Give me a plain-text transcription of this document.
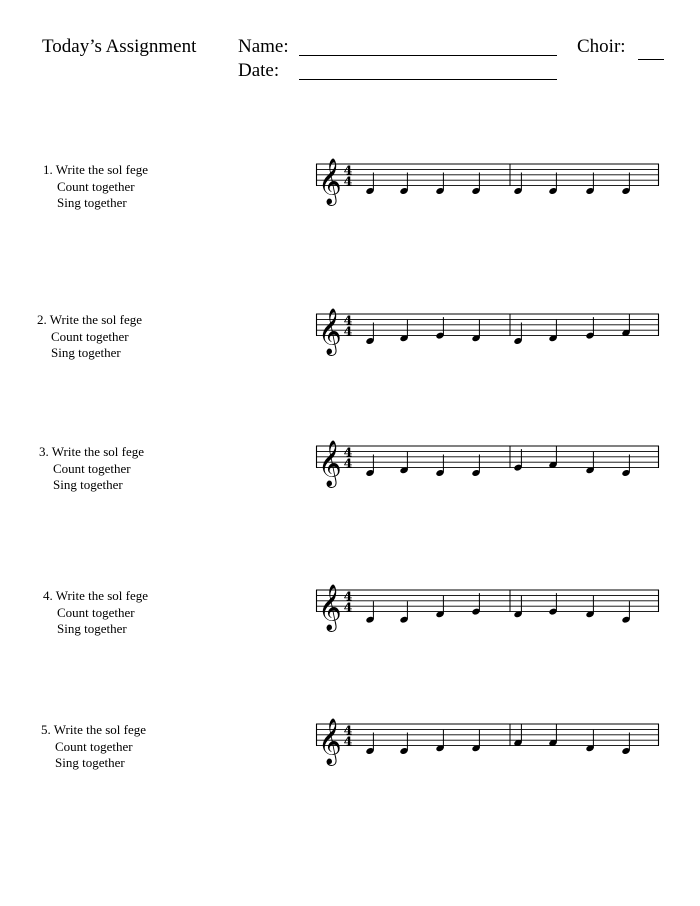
Today’s Assignment Name:
Date:
Choir:
1. Write the sol fege
Count together
Sing together	𝄞 4
4
2. Write the sol fege
Count together
Sing together	𝄞 4
4
3. Write the sol fege
Count together
Sing together	𝄞 4
4
4. Write the sol fege
Count together
Sing together	𝄞 4
4
5. Write the sol fege
Count together
Sing together	𝄞 4
4
